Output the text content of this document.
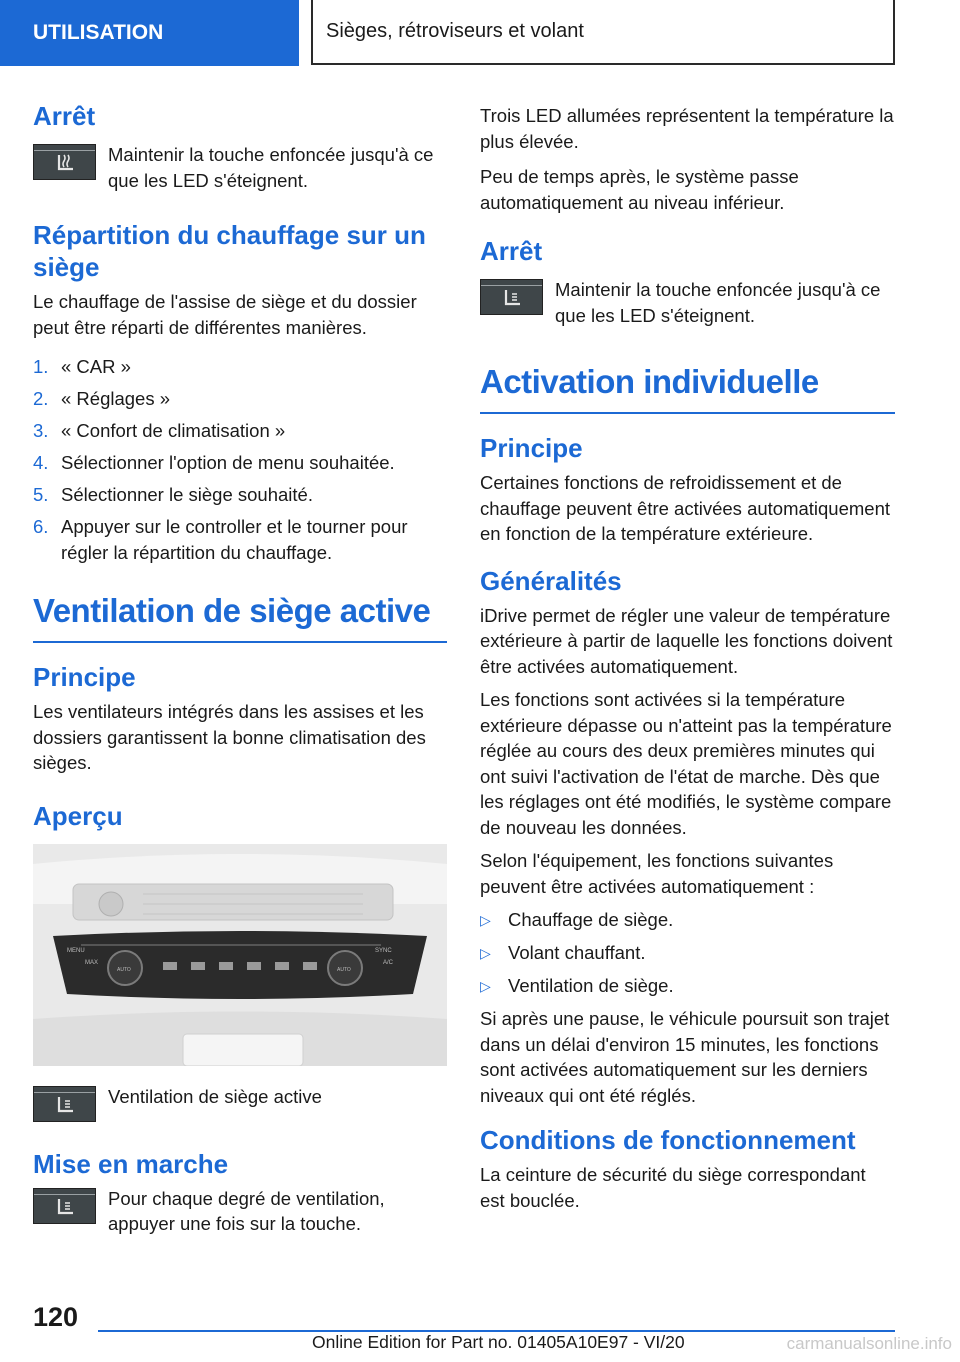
UTILISATION	Sièges, rétroviseurs et volant
Arrêt

Maintenir la touche enfoncée jusqu'à ce que les LED s'éteignent.

Répartition du chauffage sur un siège

Le chauffage de l'assise de siège et du dossier peut être réparti de différentes manières.

1. « CAR »
2. « Réglages »
3. « Confort de climatisation »
4. Sélectionner l'option de menu souhaitée.
5. Sélectionner le siège souhaité.
6. Appuyer sur le controller et le tourner pour régler la répartition du chauffage.
Ventilation de siège active
Principe

Les ventilateurs intégrés dans les assises et les dossiers garantissent la bonne climatisation des sièges.

Aperçu
MENU
MAX
AUTO	AUTO
SYNC
A/C

Ventilation de siège active

Mise en marche

Pour chaque degré de ventilation, appuyer une fois sur la touche.

Trois LED allumées représentent la température la plus élevée.

Peu de temps après, le système passe automatiquement au niveau inférieur.

Arrêt

Maintenir la touche enfoncée jusqu'à ce que les LED s'éteignent.

Activation individuelle
Principe

Certaines fonctions de refroidissement et de chauffage peuvent être activées automatiquement en fonction de la température extérieure.

Généralités

iDrive permet de régler une valeur de température extérieure à partir de laquelle les fonctions doivent être activées automatiquement.

Les fonctions sont activées si la température extérieure dépasse ou n'atteint pas la température réglée au cours des deux premières minutes qui ont suivi l'activation de l'état de marche. Dès que les réglages ont été modifiés, le système compare de nouveau les données.

Selon l'équipement, les fonctions suivantes peuvent être activées automatiquement :

▷ Chauffage de siège.
▷ Volant chauffant.
▷ Ventilation de siège.

Si après une pause, le véhicule poursuit son trajet dans un délai d'environ 15 minutes, les fonctions sont activées automatiquement sur les derniers niveaux qui ont été réglés.

Conditions de fonctionnement

La ceinture de sécurité du siège correspondant est bouclée.

120
Online Edition for Part no. 01405A10E97 - VI/20	carmanualsonline.info
